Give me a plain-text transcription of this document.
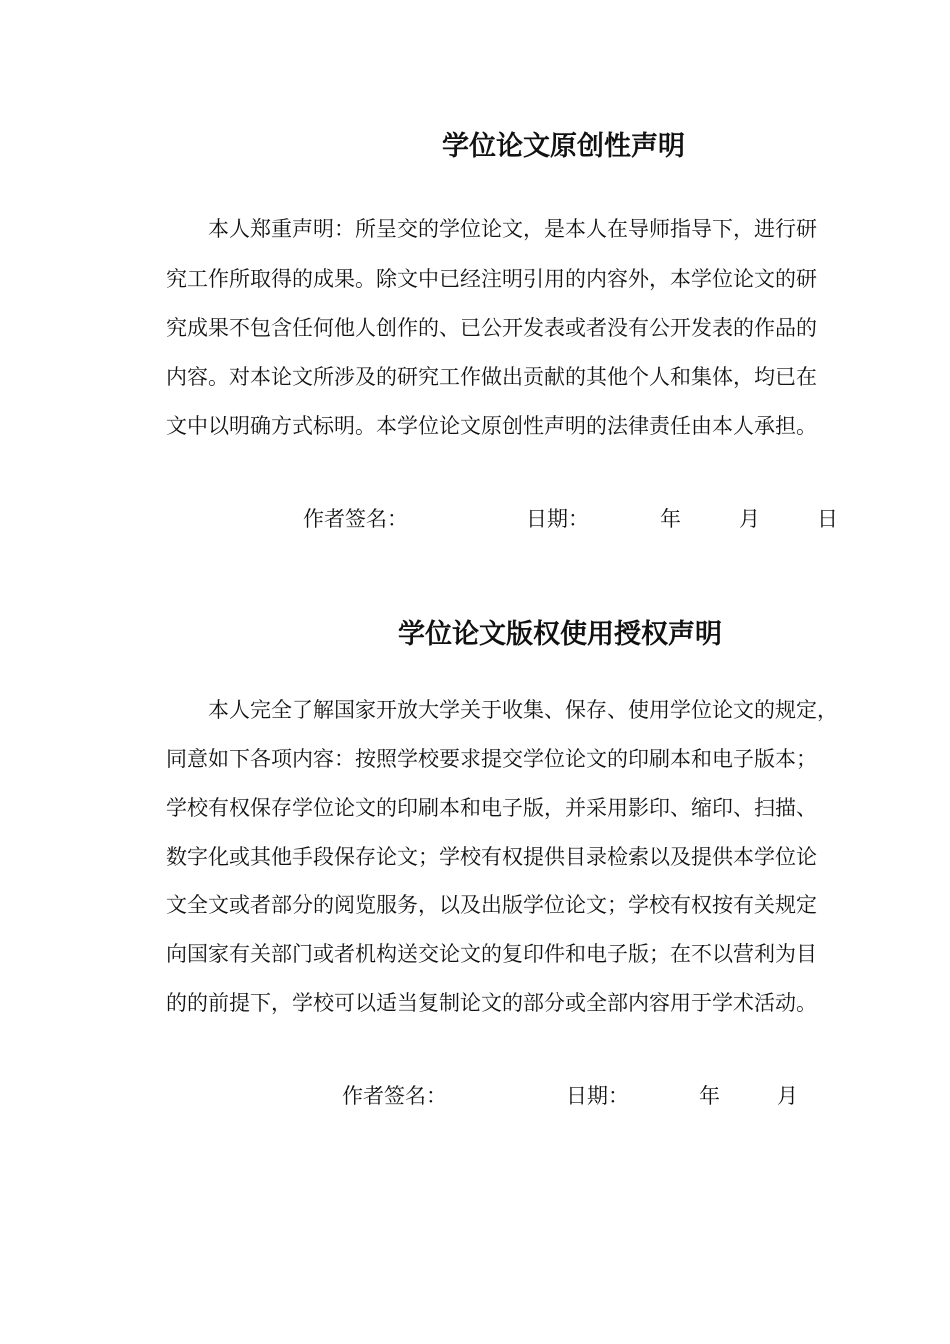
学位论文原创性声明
本人郑重声明：所呈交的学位论文，是本人在导师指导下，进行研
究工作所取得的成果。除文中已经注明引用的内容外，本学位论文的研
究成果不包含任何他人创作的、已公开发表或者没有公开发表的作品的
内容。对本论文所涉及的研究工作做出贡献的其他个人和集体，均已在
文中以明确方式标明。本学位论文原创性声明的法律责任由本人承担。
作者签名：	日期：	年	月	日
学位论文版权使用授权声明
本人完全了解国家开放大学关于收集、保存、使用学位论文的规定，
同意如下各项内容：按照学校要求提交学位论文的印刷本和电子版本；
学校有权保存学位论文的印刷本和电子版，并采用影印、缩印、扫描、
数字化或其他手段保存论文；学校有权提供目录检索以及提供本学位论
文全文或者部分的阅览服务，以及出版学位论文；学校有权按有关规定
向国家有关部门或者机构送交论文的复印件和电子版；在不以营利为目
的的前提下，学校可以适当复制论文的部分或全部内容用于学术活动。
作者签名：	日期：	年	月
